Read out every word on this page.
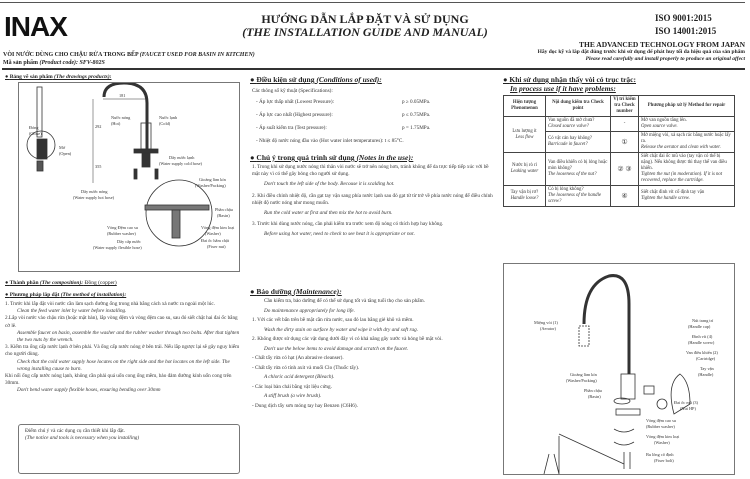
INAX	HƯỚNG DẪN LẮP ĐẶT VÀ SỬ DỤNG
(THE INSTALLATION GUIDE AND MANUAL)
ISO 9001:2015
ISO 14001:2015
THE ADVANCED TECHNOLOGY FROM JAPAN
Hãy đọc kỹ và lắp đặt đúng trước khi sử dụng để phát huy tối đa hiệu quả của sản phẩm
Please read carefully and install properly to produce an original affect
VÒI NƯỚC DÙNG CHO CHẬU RỬA TRONG BẾP (FAUCET USED FOR BASIN IN KITCHEN)
Mã sản phẩm (Product code): SFV-802S
● Bảng vẽ sản phẩm (The drawings products):
Đóng
(Close)
Mở
(Open)
Nước nóng
(Hot)
Nước lạnh
(Cold)
181
292
355
Dây nước lạnh
(Water supply cold hose)
Dây nước nóng
(Water supply hot hose)
Gioăng làm kín
(Washer/Packing)
Phần chậu
(Basin)
Vòng Đệm cao su
(Rubber washer)
Vòng đệm kim loại
(Washer)
Dây cấp nước
(Water supply flexible hose)
Đai ốc hãm chặt
(Fixer nut)
● Thành phần (The composition): Đồng (copper)
● Phương pháp lắp đặt (The method of installation):
1. Trước khi lắp đặt vòi nước cần làm sạch đường ống trong nhà bằng cách xả nước ra ngoài một lúc.
Clean the feed water inlet by water before installing.
2.Lắp vòi nước vào chậu rửa (hoặc mặt bàn), lắp vòng đệm và vòng đệm cao su, sau đó siết chặt hai đai ốc bằng cờ lê.
Assemble faucet on basin, assemble the washer and the rubber washer through two bolts. After that tighten the two nuts by the wrench.
3. Kiểm tra ống cấp nước lạnh ở bên phải. Và ống cấp nước nóng ở bên trái. Nếu lắp ngược lại sẽ gây nguy hiểm cho người dùng.
Check that the cold water supply hose locates on the right side and the hot locates on the left side. The wrong installing cause to burn.
Khi nối ống cấp nước nóng lạnh, không cần phải quá uốn cong ống mềm, bảo đảm đường kính uốn cong trên 30mm.
Don't bend water supply flexible hoses, ensuring bending over 30mm
Điểm chú ý và các dụng cụ cần thiết khi lắp đặt.
(The notice and tools is necessary when you installing)
● Điều kiện sử dụng (Conditions of used):
Các thông số kỹ thuật (Specifications):
- Áp lực thấp nhất (Lowest Pressure):	p ≥ 0.05MPa.
- Áp lực cao nhất (Highest pressure):	p ≤ 0.75MPa.
- Áp suất kiểm tra (Test pressure):	p = 1.75MPa.
- Nhiệt độ nước nóng đầu vào (Hot water inlet temperatures): t ≤ 85°C.
● Chú ý trong quá trình sử dụng (Notes in the use):
1. Trong khi sử dụng nước nóng thì thân vòi nước sẽ trở nên nóng hơn, tránh không để da trực tiếp tiếp xúc với bề mặt này vì có thể gây bỏng cho người sử dụng.
Don't touch the left side of the body. Becouse it is scalding hot.
2. Khi điều chỉnh nhiệt độ, cần gạt tay vặn sang phía nước lạnh sau đó gạt từ từ trở về phía nước nóng để điều chỉnh nhiệt độ nước nóng như mong muốn.
Run the cold water at first and then mix the hot to avoid burn.
3. Trước khi dùng nước nóng, cần phải kiểm tra trước xem độ nóng có thích hợp hay không.
Before using hot water, need to check to see heat it is appropriate or not.
● Bảo dưỡng (Maintenance):
Cần kiểm tra, bảo dưỡng để có thể sử dụng tốt và tăng tuổi thọ cho sản phẩm.
Do maintenance appropriately for long life.
1. Với các vết bẩn trên bề mặt cần rửa nước, sau đó lau bằng giẻ khô và mềm.
Wash the dirty stain on surface by water and wipe it with dry and soft rag.
2. Không được sử dụng các vật dụng dưới đây vì có khả năng gây xước và hỏng bề mặt vòi.
Don't use the below items to avoid damage and scratch on the faucet.
- Chất tẩy rửa có hạt (An abrasive cleanser).
- Chất tẩy rửa có tính axit và muối Clo (Thuốc tẩy).
A chloric acid detergent (Bleach).
- Các loại bàn chải bằng vật liệu cứng.
A stiff brush (a wire brush).
- Dung dịch tẩy sơn móng tay hay Benzen (C6H6).
● Khi sử dụng nhận thấy vòi có trục trặc:
In process use if it have problems:
Hiện tượng Phenomenon	Nội dung kiểm tra Check point	Vị trí kiểm tra Check number	Phương pháp xử lý Method for repair

Lưu lượng ít
Less flow	Van nguồn đã mở chưa?
Closed source valve?	-	Mở van nguồn tăng lên.
Open source valve.

	Có vật cản hay không?
Barricade in faucet?	①	Mở miệng vòi, xả sạch rác bằng nước hoặc lấy ra.
Release the aerator and clean with water.

Nước bị rò rỉ
Leaking water	Van điều khiển có bị lỏng hoặc mòn không?
The looseness of the nut?	② ③	Siết chặt đai ốc mũ vào (tay vặn có thể bị nặng). Nếu không được thì thay thế van điều khiển.
Tighten the nut (in moderation). If it is not recovered, replace the cartridge.

Tay vặn bị rơ?
Handle loose?	Có bị lỏng không?
The looseness of the handle screw?	④	Siết chặt đinh vít cố định tay vặn
Tighten the handle screw.
Miệng vòi (1)
(Aerator)
Nút trang trí
(Handle cap)
Đinh vít (4)
(Handle screw)
Van điều khiển (2)
(Cartridge)
Tay vặn
(Handle)
Gioăng làm kín
(Washer/Packing)
Phần chậu
(Basin)
Đai ốc mũ (3)
(Nut HP)
Vòng đệm cao su
(Rubber washer)
Vòng đệm kim loại
(Washer)
Bu lông cố định
(Fixer bolt)
